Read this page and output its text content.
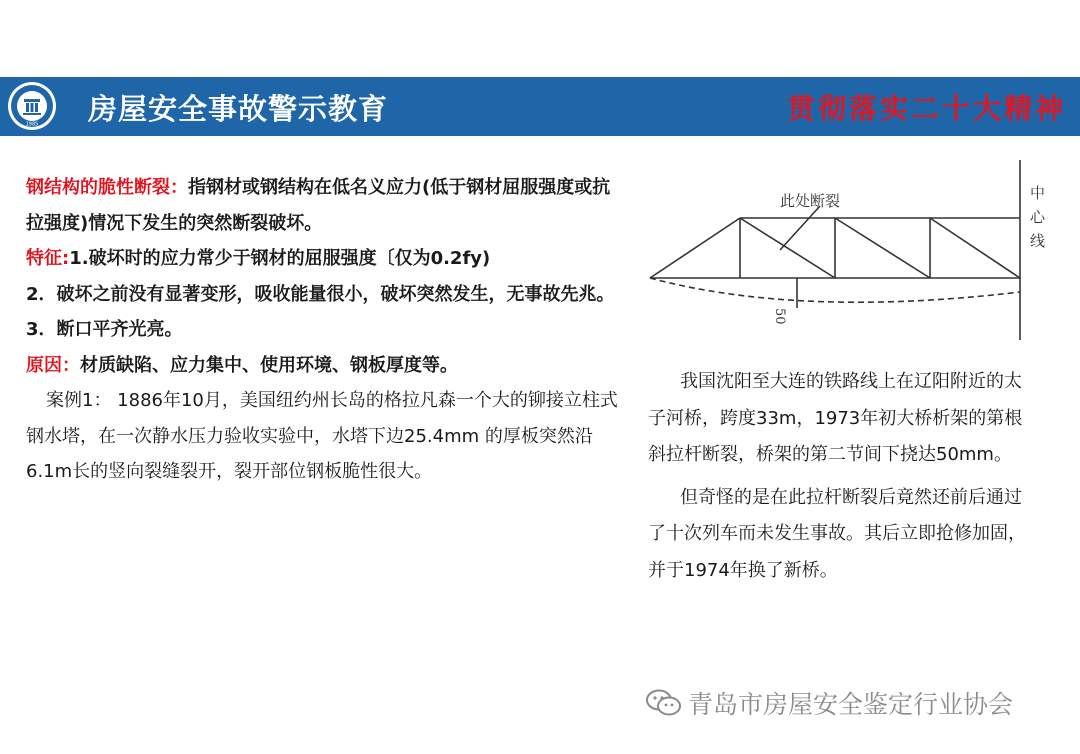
1985 房屋安全事故警示教育	贯彻落实二十大精神

钢结构的脆性断裂：指钢材或钢结构在低名义应力(低于钢材屈服强度或抗拉强度)情况下发生的突然断裂破坏。

特征:1.破坏时的应力常少于钢材的屈服强度〔仅为0.2fy)

2．破坏之前没有显著变形，吸收能量很小，破坏突然发生，无事故先兆。3．断口平齐光亮。

原因：材质缺陷、应力集中、使用环境、钢板厚度等。

案例1： 1886年10月，美国纽约州长岛的格拉凡森一个大的铆接立柱式钢水塔，在一次静水压力验收实验中，水塔下边25.4mm 的厚板突然沿6.1m长的竖向裂缝裂开，裂开部位钢板脆性很大。

此处断裂	中
心
线
50

我国沈阳至大连的铁路线上在辽阳附近的太子河桥，跨度33m，1973年初大桥析架的第根斜拉杆断裂，桥架的第二节间下挠达50mm。

但奇怪的是在此拉杆断裂后竟然还前后通过了十次列车而未发生事故。其后立即抢修加固，并于1974年换了新桥。

青岛市房屋安全鉴定行业协会
